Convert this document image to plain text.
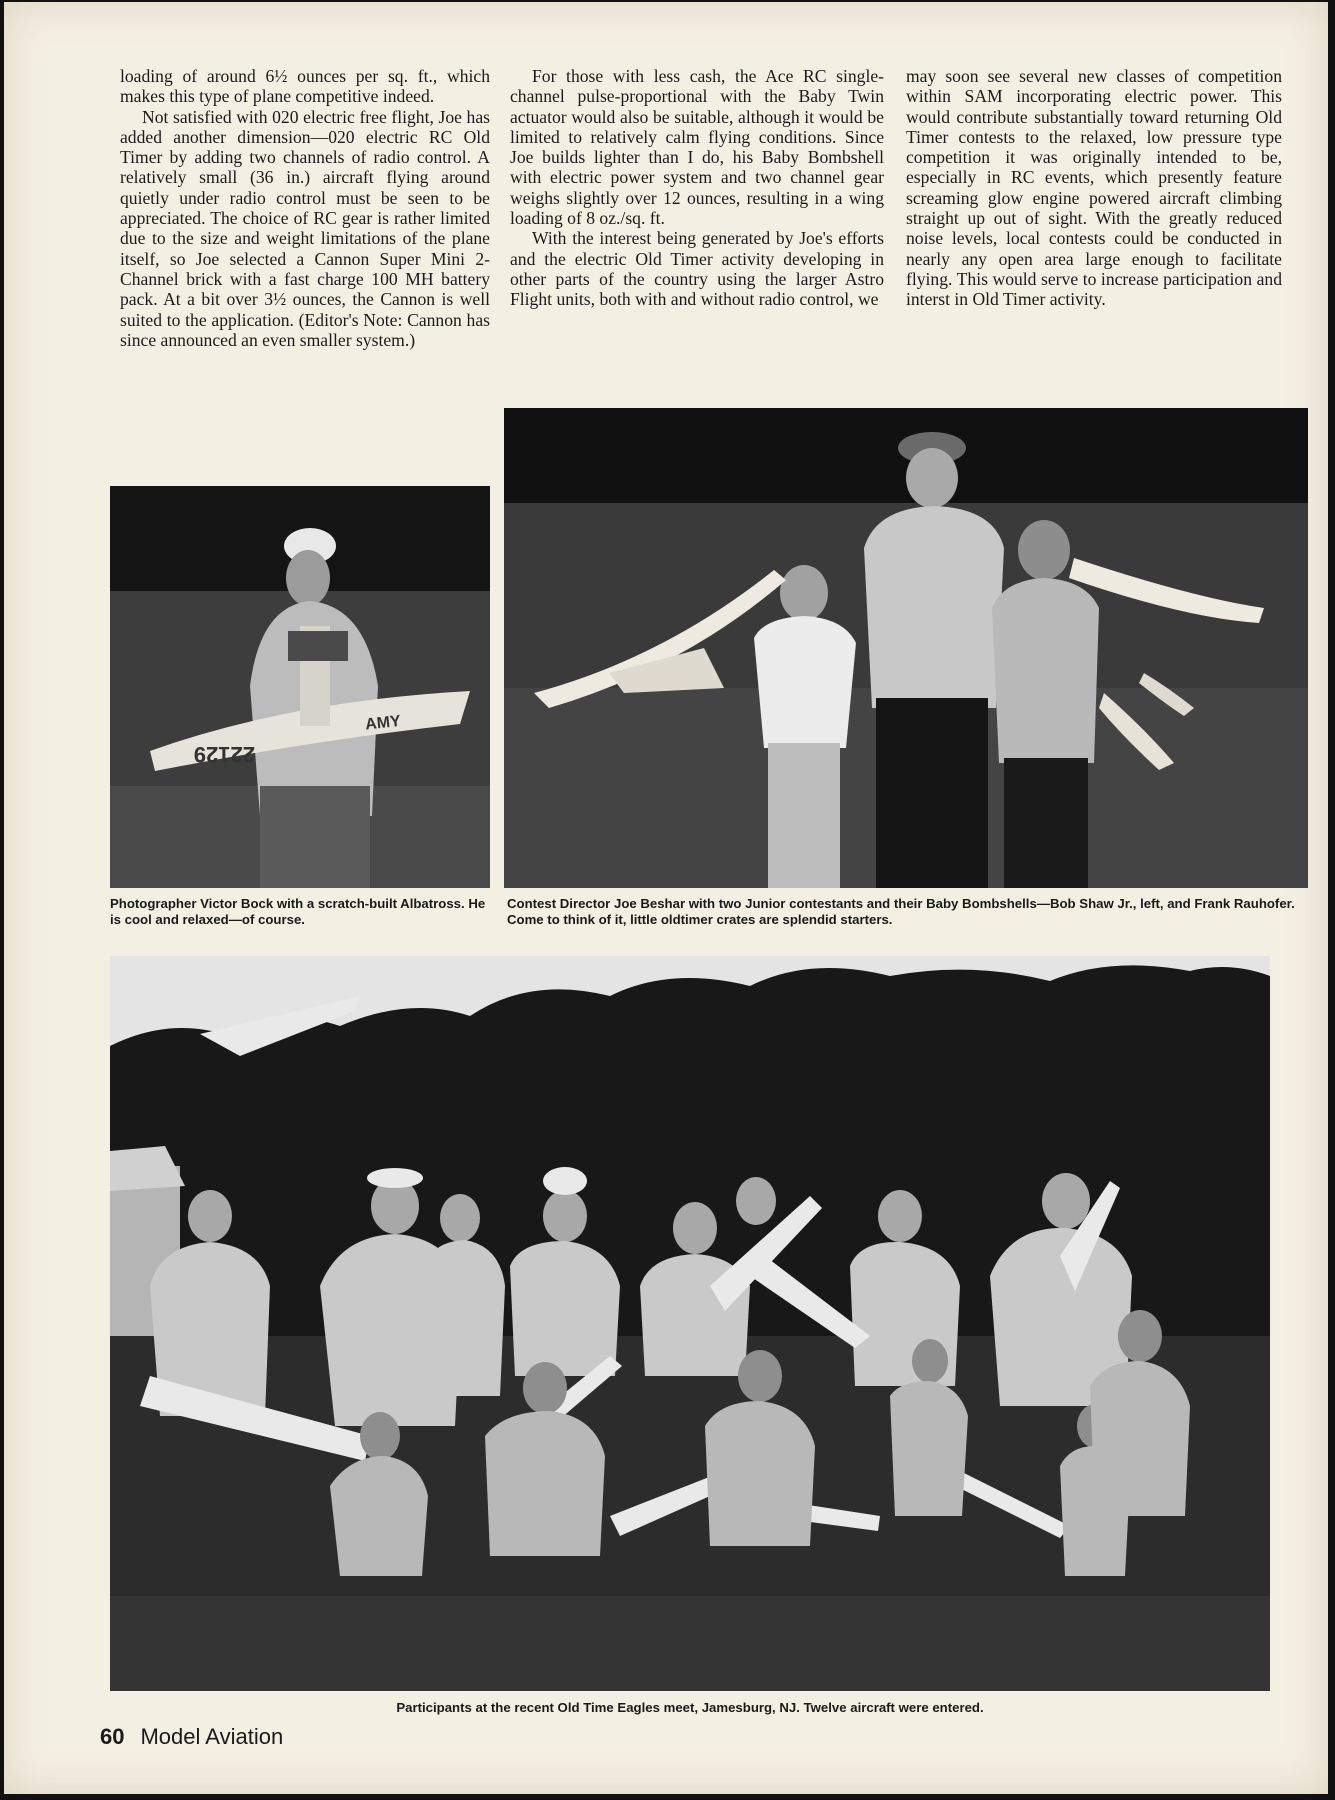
loading of around 6½ ounces per sq. ft., which makes this type of plane competitive indeed.

Not satisfied with 020 electric free flight, Joe has added another dimension—020 electric RC Old Timer by adding two channels of radio control. A relatively small (36 in.) aircraft flying around quietly under radio control must be seen to be appreciated. The choice of RC gear is rather limited due to the size and weight limitations of the plane itself, so Joe selected a Cannon Super Mini 2-Channel brick with a fast charge 100 MH battery pack. At a bit over 3½ ounces, the Cannon is well suited to the application. (Editor's Note: Cannon has since announced an even smaller system.)

For those with less cash, the Ace RC single-channel pulse-proportional with the Baby Twin actuator would also be suitable, although it would be limited to relatively calm flying conditions. Since Joe builds lighter than I do, his Baby Bombshell with electric power system and two channel gear weighs slightly over 12 ounces, resulting in a wing loading of 8 oz./sq. ft.

With the interest being generated by Joe's efforts and the electric Old Timer activity developing in other parts of the country using the larger Astro Flight units, both with and without radio control, we

may soon see several new classes of competition within SAM incorporating electric power. This would contribute substantially toward returning Old Timer contests to the relaxed, low pressure type competition it was originally intended to be, especially in RC events, which presently feature screaming glow engine powered aircraft climbing straight up out of sight. With the greatly reduced noise levels, local contests could be conducted in nearly any open area large enough to facilitate flying. This would serve to increase participation and interst in Old Timer activity.

22129
AMY
Photographer Victor Bock with a scratch-built Albatross. He is cool and relaxed—of course.
Contest Director Joe Beshar with two Junior contestants and their Baby Bombshells—Bob Shaw Jr., left, and Frank Rauhofer. Come to think of it, little oldtimer crates are splendid starters.
Participants at the recent Old Time Eagles meet, Jamesburg, NJ. Twelve aircraft were entered.
60 Model Aviation
